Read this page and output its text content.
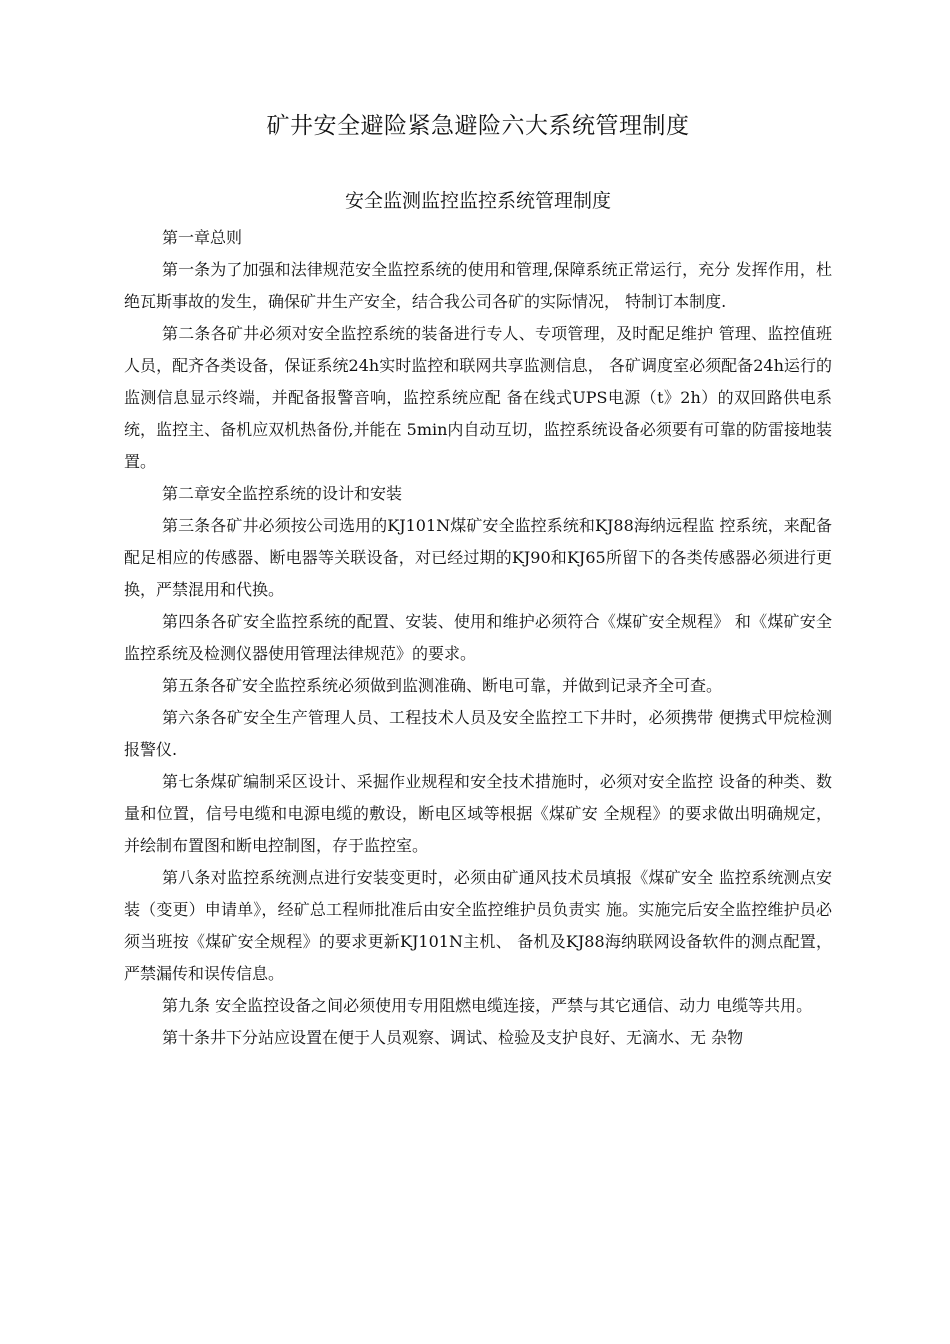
矿井安全避险紧急避险六大系统管理制度
安全监测监控监控系统管理制度

第一章总则

第一条为了加强和法律规范安全监控系统的使用和管理,保障系统正常运行，充分 发挥作用，杜绝瓦斯事故的发生，确保矿井生产安全，结合我公司各矿的实际情况， 特制订本制度.

第二条各矿井必须对安全监控系统的装备进行专人、专项管理，及时配足维护 管理、监控值班人员，配齐各类设备，保证系统24h实时监控和联网共享监测信息， 各矿调度室必须配备24h运行的监测信息显示终端，并配备报警音响，监控系统应配 备在线式UPS电源（t》2h）的双回路供电系统，监控主、备机应双机热备份,并能在 5min内自动互切，监控系统设备必须要有可靠的防雷接地装置。

第二章安全监控系统的设计和安装

第三条各矿井必须按公司选用的KJ101N煤矿安全监控系统和KJ88海纳远程监 控系统，来配备配足相应的传感器、断电器等关联设备，对已经过期的KJ90和KJ65所留下的各类传感器必须进行更换，严禁混用和代换。

第四条各矿安全监控系统的配置、安装、使用和维护必须符合《煤矿安全规程》 和《煤矿安全监控系统及检测仪器使用管理法律规范》的要求。

第五条各矿安全监控系统必须做到监测准确、断电可靠，并做到记录齐全可查。

第六条各矿安全生产管理人员、工程技术人员及安全监控工下井时，必须携带 便携式甲烷检测报警仪.

第七条煤矿编制采区设计、采掘作业规程和安全技术措施时，必须对安全监控 设备的种类、数量和位置，信号电缆和电源电缆的敷设，断电区域等根据《煤矿安 全规程》的要求做出明确规定，并绘制布置图和断电控制图，存于监控室。

第八条对监控系统测点进行安装变更时，必须由矿通风技术员填报《煤矿安全 监控系统测点安装（变更）申请单》，经矿总工程师批准后由安全监控维护员负责实 施。实施完后安全监控维护员必须当班按《煤矿安全规程》的要求更新KJ101N主机、 备机及KJ88海纳联网设备软件的测点配置，严禁漏传和误传信息。

第九条 安全监控设备之间必须使用专用阻燃电缆连接，严禁与其它通信、动力 电缆等共用。

第十条井下分站应设置在便于人员观察、调试、检验及支护良好、无滴水、无 杂物
